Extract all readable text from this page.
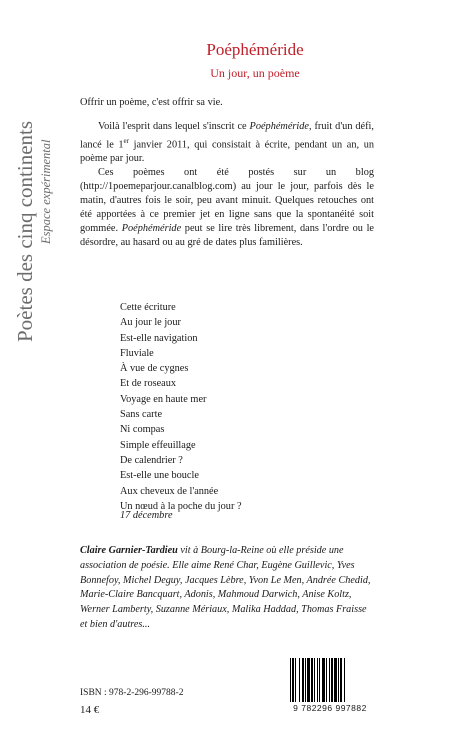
Poètes des cinq continents Espace expérimental
Poéphéméride
Un jour, un poème

Offrir un poème, c'est offrir sa vie.

Voilà l'esprit dans lequel s'inscrit ce Poéphéméride, fruit d'un défi, lancé le 1er janvier 2011, qui consistait à écrite, pendant un an, un poème par jour.

Ces poèmes ont été postés sur un blog (http://1poemeparjour.canalblog.com) au jour le jour, parfois dès le matin, d'autres fois le soir, peu avant minuit. Quelques retouches ont été apportées à ce premier jet en ligne sans que la spontanéité soit gommée. Poéphéméride peut se lire très librement, dans l'ordre ou le désordre, au hasard ou au gré de dates plus familières.

Cette écriture
Au jour le jour
Est-elle navigation
Fluviale
À vue de cygnes
Et de roseaux
Voyage en haute mer
Sans carte
Ni compas
Simple effeuillage
De calendrier ?
Est-elle une boucle
Aux cheveux de l'année
Un nœud à la poche du jour ?
17 décembre
Claire Garnier-Tardieu vit à Bourg-la-Reine où elle préside une association de poésie. Elle aime René Char, Eugène Guillevic, Yves Bonnefoy, Michel Deguy, Jacques Lèbre, Yvon Le Men, Andrée Chedid, Marie-Claire Bancquart, Adonis, Mahmoud Darwich, Anise Koltz, Werner Lamberty, Suzanne Mériaux, Malika Haddad, Thomas Fraisse et bien d'autres...
ISBN : 978-2-296-99788-2
14 €	9 782296 997882
